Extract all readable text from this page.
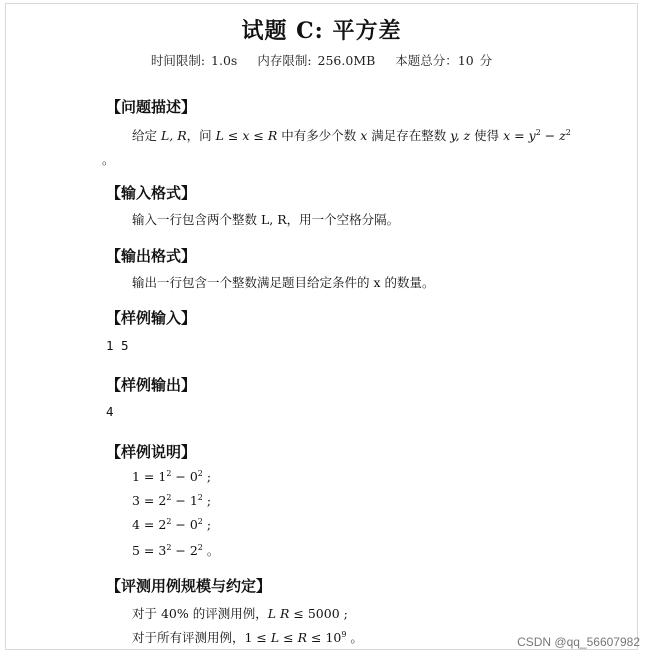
试题 C: 平方差
时间限制: 1.0s 内存限制: 256.0MB 本题总分：10 分
【问题描述】
给定 L, R，问 L ≤ x ≤ R 中有多少个数 x 满足存在整数 y, z 使得 $x = y^2 - z^2$
。
【输入格式】
输入一行包含两个整数 L, R，用一个空格分隔。
【输出格式】
输出一行包含一个整数满足题目给定条件的 x 的数量。
【样例输入】
1 5
【样例输出】
4
【样例说明】
$1 = 1^2 - 0^2$ ;
$3 = 2^2 - 1^2$ ;
$4 = 2^2 - 0^2$ ;
$5 = 3^2 - 2^2$ 。
【评测用例规模与约定】
对于 40% 的评测用例，L R ≤ 5000 ;
对于所有评测用例，$1 \le L \le R \le 10^9$ 。	CSDN @qq_56607982
